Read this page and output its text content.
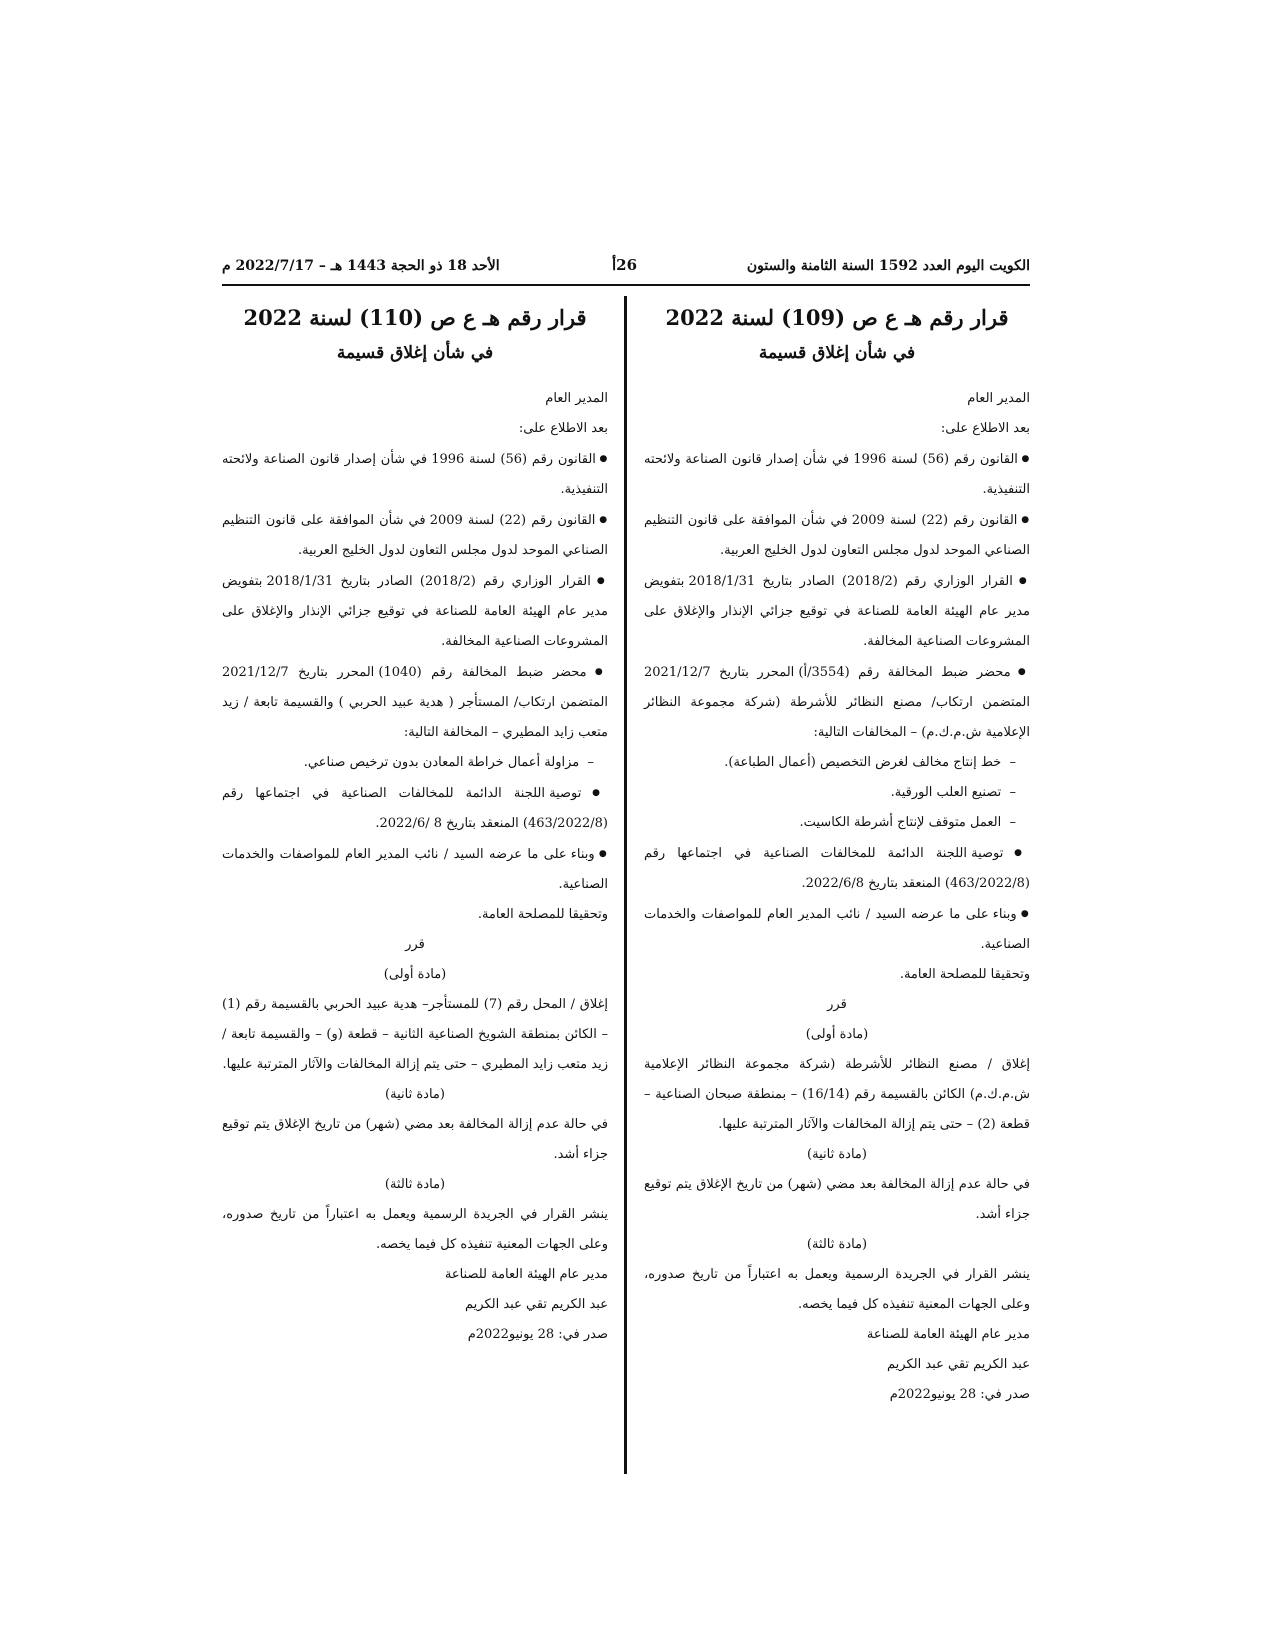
الكويت اليوم العدد 1592 السنة الثامنة والستون
26أ
الأحد 18 ذو الحجة 1443 هـ – 2022/7/17 م
قرار رقم هـ ع ص (109) لسنة 2022
في شأن إغلاق قسيمة

المدير العام

بعد الاطلاع على:

● القانون رقم (56) لسنة 1996 في شأن إصدار قانون الصناعة ولائحته التنفيذية.

● القانون رقم (22) لسنة 2009 في شأن الموافقة على قانون التنظيم الصناعي الموحد لدول مجلس التعاون لدول الخليج العربية.

● القرار الوزاري رقم (2018/2) الصادر بتاريخ 2018/1/31 بتفويض مدير عام الهيئة العامة للصناعة في توقيع جزائي الإنذار والإغلاق على المشروعات الصناعية المخالفة.

● محضر ضبط المخالفة رقم (3554/أ) المحرر بتاريخ 2021/12/7 المتضمن ارتكاب/ مصنع النظائر للأشرطة (شركة مجموعة النظائر الإعلامية ش.م.ك.م) – المخالفات التالية:

–  خط إنتاج مخالف لغرض التخصيص (أعمال الطباعة).

–  تصنيع العلب الورقية.

–  العمل متوقف لإنتاج أشرطة الكاسيت.

● توصية اللجنة الدائمة للمخالفات الصناعية في اجتماعها رقم (463/2022/8) المنعقد بتاريخ 2022/6/8.

● وبناء على ما عرضه السيد / نائب المدير العام للمواصفات والخدمات الصناعية.

وتحقيقا للمصلحة العامة.

قرر

(مادة أولى)

إغلاق / مصنع النظائر للأشرطة (شركة مجموعة النظائر الإعلامية ش.م.ك.م) الكائن بالقسيمة رقم (16/14) – بمنطقة صبحان الصناعية – قطعة (2) – حتى يتم إزالة المخالفات والآثار المترتبة عليها.

(مادة ثانية)

في حالة عدم إزالة المخالفة بعد مضي (شهر) من تاريخ الإغلاق يتم توقيع جزاء أشد.

(مادة ثالثة)

ينشر القرار في الجريدة الرسمية ويعمل به اعتباراً من تاريخ صدوره، وعلى الجهات المعنية تنفيذه كل فيما يخصه.

مدير عام الهيئة العامة للصناعة

عبد الكريم تقي عبد الكريم

صدر في: 28 يونيو2022م

قرار رقم هـ ع ص (110) لسنة 2022
في شأن إغلاق قسيمة

المدير العام

بعد الاطلاع على:

● القانون رقم (56) لسنة 1996 في شأن إصدار قانون الصناعة ولائحته التنفيذية.

● القانون رقم (22) لسنة 2009 في شأن الموافقة على قانون التنظيم الصناعي الموحد لدول مجلس التعاون لدول الخليج العربية.

● القرار الوزاري رقم (2018/2) الصادر بتاريخ 2018/1/31 بتفويض مدير عام الهيئة العامة للصناعة في توقيع جزائي الإنذار والإغلاق على المشروعات الصناعية المخالفة.

● محضر ضبط المخالفة رقم (1040) المحرر بتاريخ 2021/12/7 المتضمن ارتكاب/ المستأجر ( هدية عبيد الحربي ) والقسيمة تابعة / زيد متعب زايد المطيري – المخالفة التالية:

–  مزاولة أعمال خراطة المعادن بدون ترخيص صناعي.

● توصية اللجنة الدائمة للمخالفات الصناعية في اجتماعها رقم (463/2022/8) المنعقد بتاريخ 8 /2022/6.

● وبناء على ما عرضه السيد / نائب المدير العام للمواصفات والخدمات الصناعية.

وتحقيقا للمصلحة العامة.

قرر

(مادة أولى)

إغلاق / المحل رقم (7) للمستأجر– هدية عبيد الحربي بالقسيمة رقم (1) – الكائن بمنطقة الشويخ الصناعية الثانية – قطعة (و) – والقسيمة تابعة / زيد متعب زايد المطيري – حتى يتم إزالة المخالفات والآثار المترتبة عليها.

(مادة ثانية)

في حالة عدم إزالة المخالفة بعد مضي (شهر) من تاريخ الإغلاق يتم توقيع جزاء أشد.

(مادة ثالثة)

ينشر القرار في الجريدة الرسمية ويعمل به اعتباراً من تاريخ صدوره، وعلى الجهات المعنية تنفيذه كل فيما يخصه.

مدير عام الهيئة العامة للصناعة

عبد الكريم تقي عبد الكريم

صدر في: 28 يونيو2022م
